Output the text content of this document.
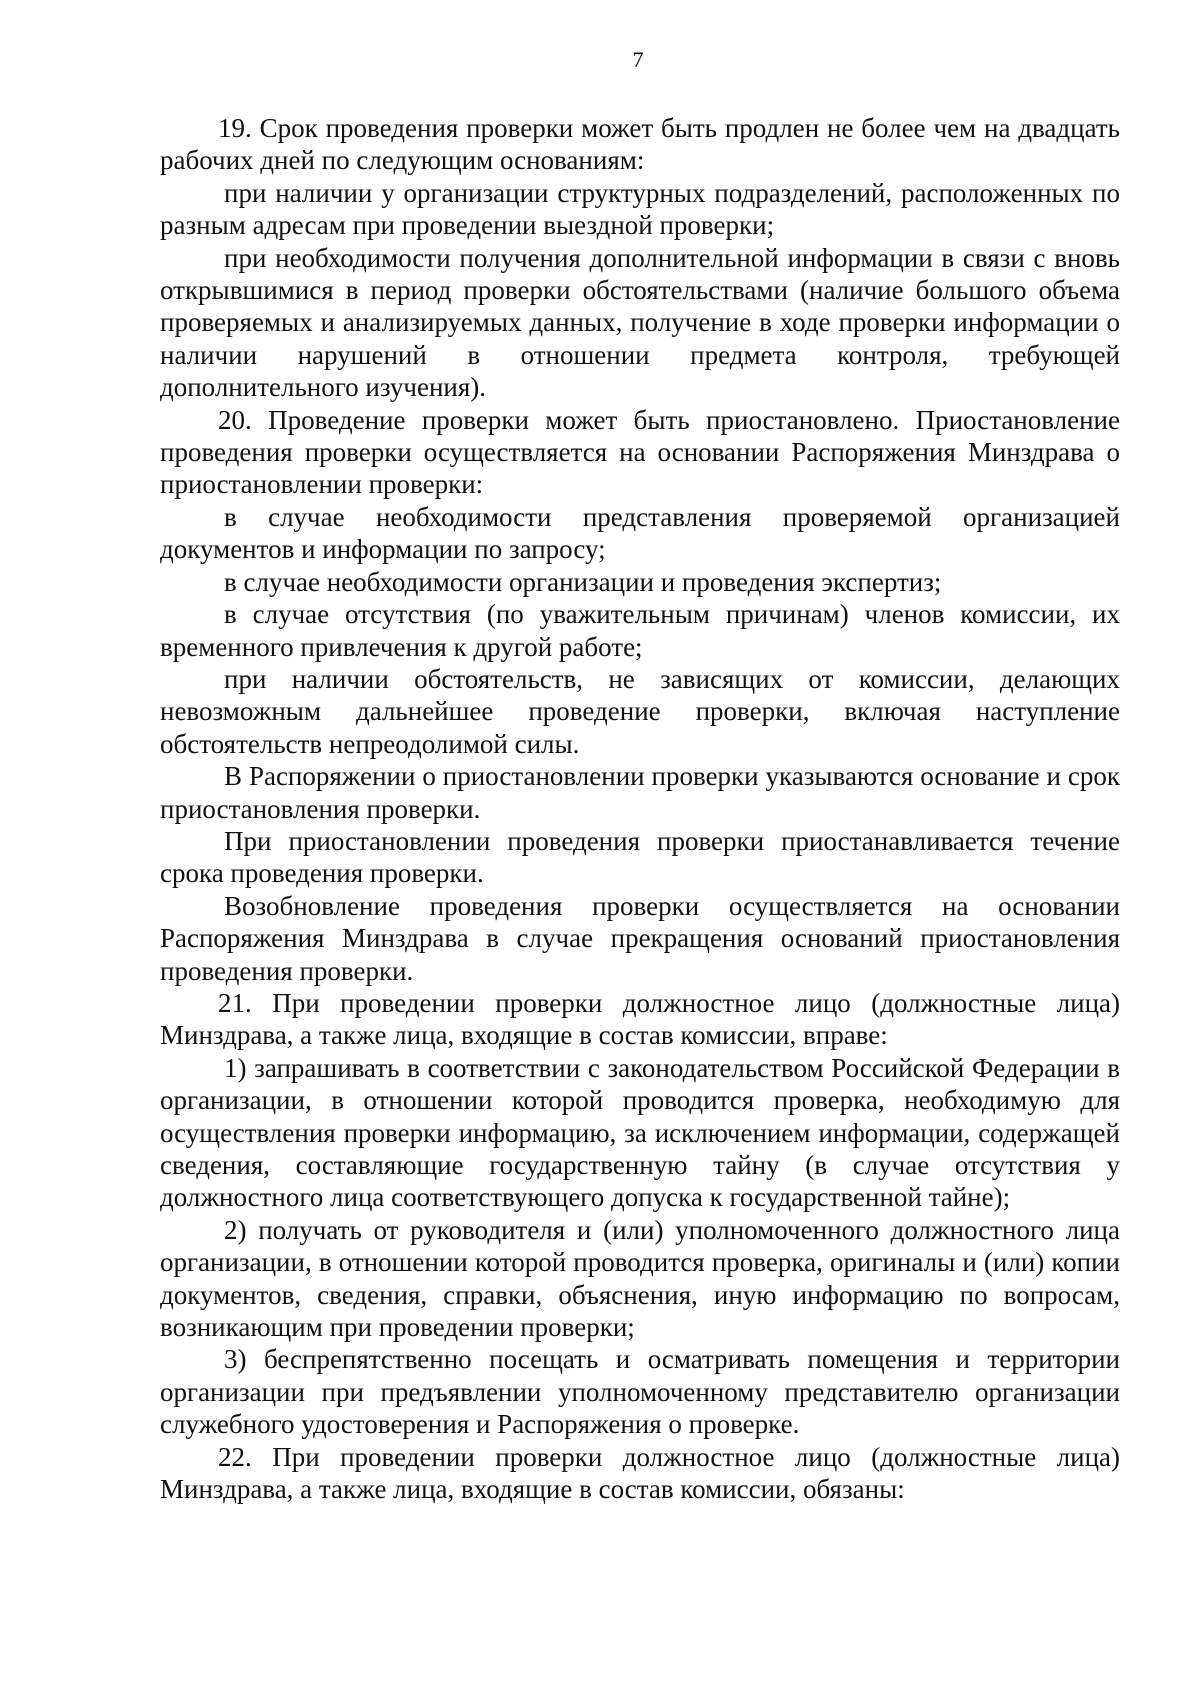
7

19. Срок проведения проверки может быть продлен не более чем на двадцать рабочих дней по следующим основаниям:

при наличии у организации структурных подразделений, расположенных по разным адресам при проведении выездной проверки;

при необходимости получения дополнительной информации в связи с вновь открывшимися в период проверки обстоятельствами (наличие большого объема проверяемых и анализируемых данных, получение в ходе проверки информации о наличии нарушений в отношении предмета контроля, требующей дополнительного изучения).

20. Проведение проверки может быть приостановлено. Приостановление проведения проверки осуществляется на основании Распоряжения Минздрава о приостановлении проверки:

в случае необходимости представления проверяемой организацией документов и информации по запросу;

в случае необходимости организации и проведения экспертиз;

в случае отсутствия (по уважительным причинам) членов комиссии, их временного привлечения к другой работе;

при наличии обстоятельств, не зависящих от комиссии, делающих невозможным дальнейшее проведение проверки, включая наступление обстоятельств непреодолимой силы.

В Распоряжении о приостановлении проверки указываются основание и срок приостановления проверки.

При приостановлении проведения проверки приостанавливается течение срока проведения проверки.

Возобновление проведения проверки осуществляется на основании Распоряжения Минздрава в случае прекращения оснований приостановления проведения проверки.

21. При проведении проверки должностное лицо (должностные лица) Минздрава, а также лица, входящие в состав комиссии, вправе:

1) запрашивать в соответствии с законодательством Российской Федерации в организации, в отношении которой проводится проверка, необходимую для осуществления проверки информацию, за исключением информации, содержащей сведения, составляющие государственную тайну (в случае отсутствия у должностного лица соответствующего допуска к государственной тайне);

2) получать от руководителя и (или) уполномоченного должностного лица организации, в отношении которой проводится проверка, оригиналы и (или) копии документов, сведения, справки, объяснения, иную информацию по вопросам, возникающим при проведении проверки;

3) беспрепятственно посещать и осматривать помещения и территории организации при предъявлении уполномоченному представителю организации служебного удостоверения и Распоряжения о проверке.

22. При проведении проверки должностное лицо (должностные лица) Минздрава, а также лица, входящие в состав комиссии, обязаны:
